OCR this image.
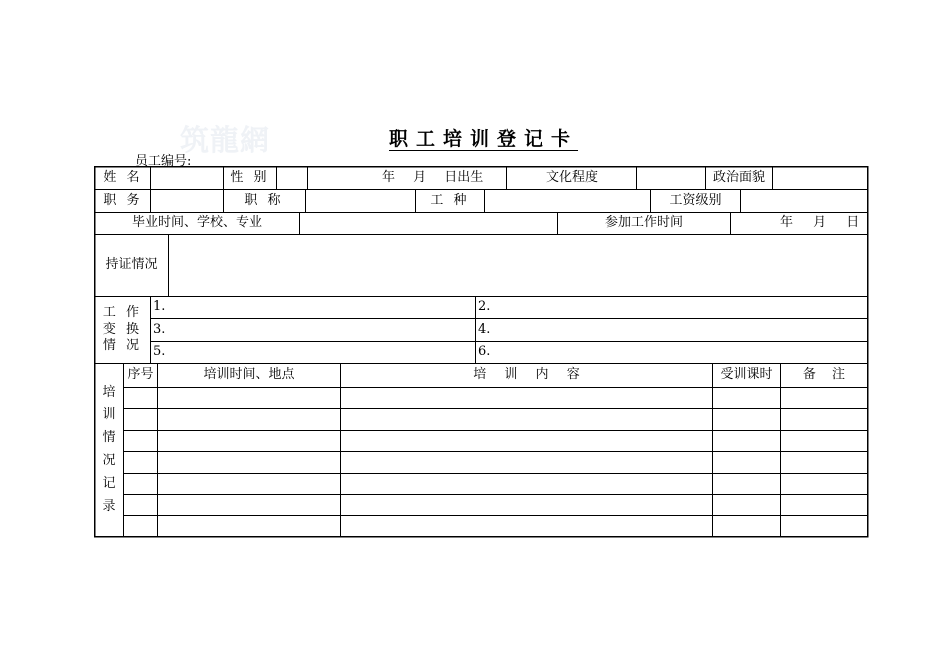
筑龍網	职工培训登记卡
员工编号:
姓 名	性 别	年 月 日出生	文化程度	政治面貌
职 务	职 称	工 种	工资级别
毕业时间、学校、专业	参加工作时间	年 月 日
持证情况
工 作
变 换
情 况
1.	2.
3.	4.
5.	6.
培
训
情
况
记
录
序号	培训时间、地点	培 训 内 容	受训课时	备 注
